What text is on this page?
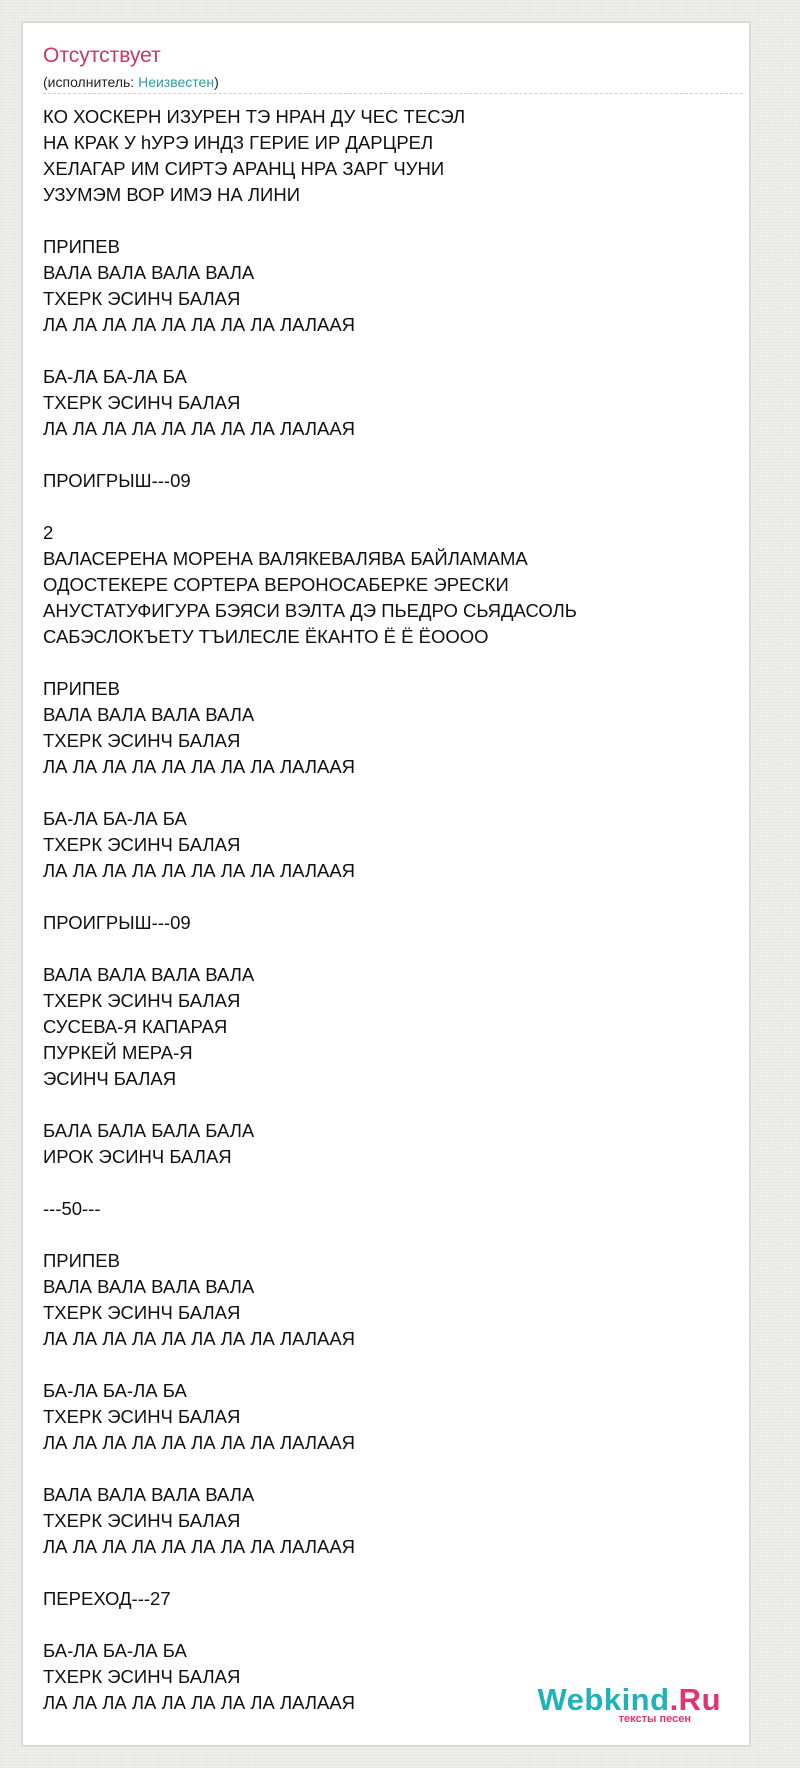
Отсутствует
(исполнитель: Неизвестен)
КО ХОСКЕРН ИЗУРЕН ТЭ НРАН ДУ ЧЕС ТЕСЭЛ
НА КРАК У hУРЭ ИНДЗ ГЕРИЕ ИР ДАРЦРЕЛ
ХЕЛАГАР ИМ СИРТЭ АРАНЦ НРА ЗАРГ ЧУНИ
УЗУМЭМ ВОР ИМЭ НА ЛИНИ
ПРИПЕВ
ВАЛА ВАЛА ВАЛА ВАЛА
ТХЕРК ЭСИНЧ БАЛАЯ
ЛА ЛА ЛА ЛА ЛА ЛА ЛА ЛА ЛАЛААЯ
БА-ЛА БА-ЛА БА
ТХЕРК ЭСИНЧ БАЛАЯ
ЛА ЛА ЛА ЛА ЛА ЛА ЛА ЛА ЛАЛААЯ
ПРОИГРЫШ---09
2
ВАЛАСЕРЕНА МОРЕНА ВАЛЯКЕВАЛЯВА БАЙЛАМАМА
ОДОСТЕКЕРЕ СОРТЕРА ВЕРОНОСАБЕРКЕ ЭРЕСКИ
АНУСТАТУФИГУРА БЭЯСИ ВЭЛТА ДЭ ПЬЕДРО СЬЯДАСОЛЬ
САБЭСЛОКЪЕТУ ТЪИЛЕСЛЕ ЁКАНТО Ё Ё ЁОООО
ПРИПЕВ
ВАЛА ВАЛА ВАЛА ВАЛА
ТХЕРК ЭСИНЧ БАЛАЯ
ЛА ЛА ЛА ЛА ЛА ЛА ЛА ЛА ЛАЛААЯ
БА-ЛА БА-ЛА БА
ТХЕРК ЭСИНЧ БАЛАЯ
ЛА ЛА ЛА ЛА ЛА ЛА ЛА ЛА ЛАЛААЯ
ПРОИГРЫШ---09
ВАЛА ВАЛА ВАЛА ВАЛА
ТХЕРК ЭСИНЧ БАЛАЯ
СУСЕВА-Я КАПАРАЯ
ПУРКЕЙ МЕРА-Я
ЭСИНЧ БАЛАЯ
БАЛА БАЛА БАЛА БАЛА
ИРОК ЭСИНЧ БАЛАЯ
---50---
ПРИПЕВ
ВАЛА ВАЛА ВАЛА ВАЛА
ТХЕРК ЭСИНЧ БАЛАЯ
ЛА ЛА ЛА ЛА ЛА ЛА ЛА ЛА ЛАЛААЯ
БА-ЛА БА-ЛА БА
ТХЕРК ЭСИНЧ БАЛАЯ
ЛА ЛА ЛА ЛА ЛА ЛА ЛА ЛА ЛАЛААЯ
ВАЛА ВАЛА ВАЛА ВАЛА
ТХЕРК ЭСИНЧ БАЛАЯ
ЛА ЛА ЛА ЛА ЛА ЛА ЛА ЛА ЛАЛААЯ
ПЕРЕХОД---27
БА-ЛА БА-ЛА БА
ТХЕРК ЭСИНЧ БАЛАЯ
ЛА ЛА ЛА ЛА ЛА ЛА ЛА ЛА ЛАЛААЯ	Webkind.Ru
тексты песен
